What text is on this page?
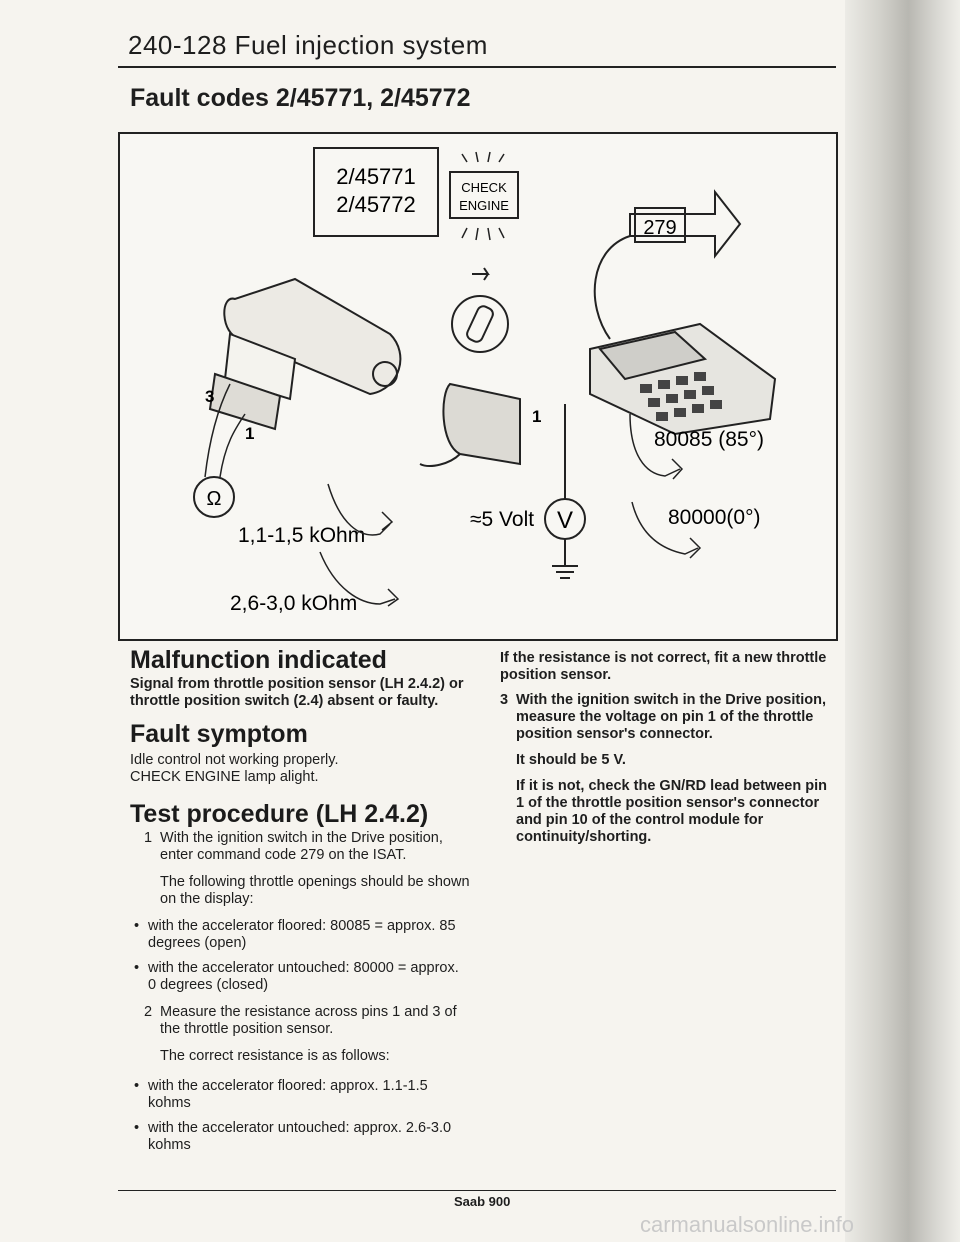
240-128 Fuel injection system
Fault codes 2/45771, 2/45772
2/45771
2/45772
CHECK
ENGINE
279
3
1
1
Ω
1,1-1,5 kOhm
2,6-3,0 kOhm
≈5 Volt V
80085 (85°)
80000(0°)
Malfunction indicated
Signal from throttle position sensor (LH 2.4.2) or throttle position switch (2.4) absent or faulty.
Fault symptom
Idle control not working properly.
CHECK ENGINE lamp alight.
Test procedure (LH 2.4.2)
1 With the ignition switch in the Drive position, enter command code 279 on the ISAT.
The following throttle openings should be shown on the display:
• with the accelerator floored: 80085 = approx. 85 degrees (open)
• with the accelerator untouched: 80000 = approx. 0 degrees (closed)
2 Measure the resistance across pins 1 and 3 of the throttle position sensor.
The correct resistance is as follows:
• with the accelerator floored: approx. 1.1-1.5 kohms
• with the accelerator untouched: approx. 2.6-3.0 kohms
If the resistance is not correct, fit a new throttle position sensor.
3 With the ignition switch in the Drive position, measure the voltage on pin 1 of the throttle position sensor's connector.
It should be 5 V.
If it is not, check the GN/RD lead between pin 1 of the throttle position sensor's connector and pin 10 of the control module for continuity/shorting.
Saab 900
carmanualsonline.info
